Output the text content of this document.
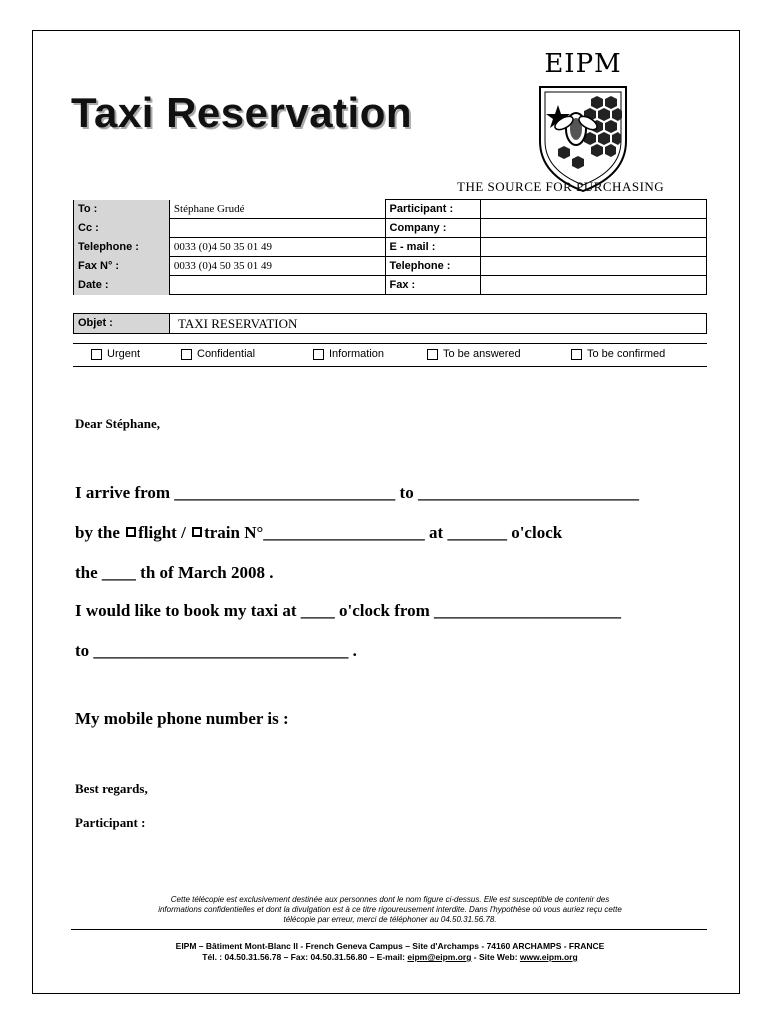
Taxi Reservation
EIPM
THE SOURCE FOR PURCHASING
To :	Stéphane Grudé	Participant :	
Cc :		Company :	
Telephone :	0033 (0)4 50 35 01 49	E - mail :	
Fax N° :	0033 (0)4 50 35 01 49	Telephone :	
Date :		Fax :	
Objet :	TAXI RESERVATION
Urgent	Confidential	Information	To be answered	To be confirmed
Dear Stéphane,
I arrive from __________________________ to __________________________
by the flight / train N°___________________ at _______ o'clock
the ____ th of March 2008 .
I would like to book my taxi at ____ o'clock from ______________________
to ______________________________ .
My mobile phone number is :
Best regards,
Participant :
Cette télécopie est exclusivement destinée aux personnes dont le nom figure ci-dessus. Elle est susceptible de contenir des
informations confidentielles et dont la divulgation est à ce titre rigoureusement interdite. Dans l'hypothèse où vous auriez reçu cette
télécopie par erreur, merci de téléphoner au 04.50.31.56.78.
EIPM – Bâtiment Mont-Blanc II - French Geneva Campus – Site d'Archamps - 74160 ARCHAMPS - FRANCE
Tél. : 04.50.31.56.78 – Fax: 04.50.31.56.80 – E-mail: eipm@eipm.org - Site Web: www.eipm.org
